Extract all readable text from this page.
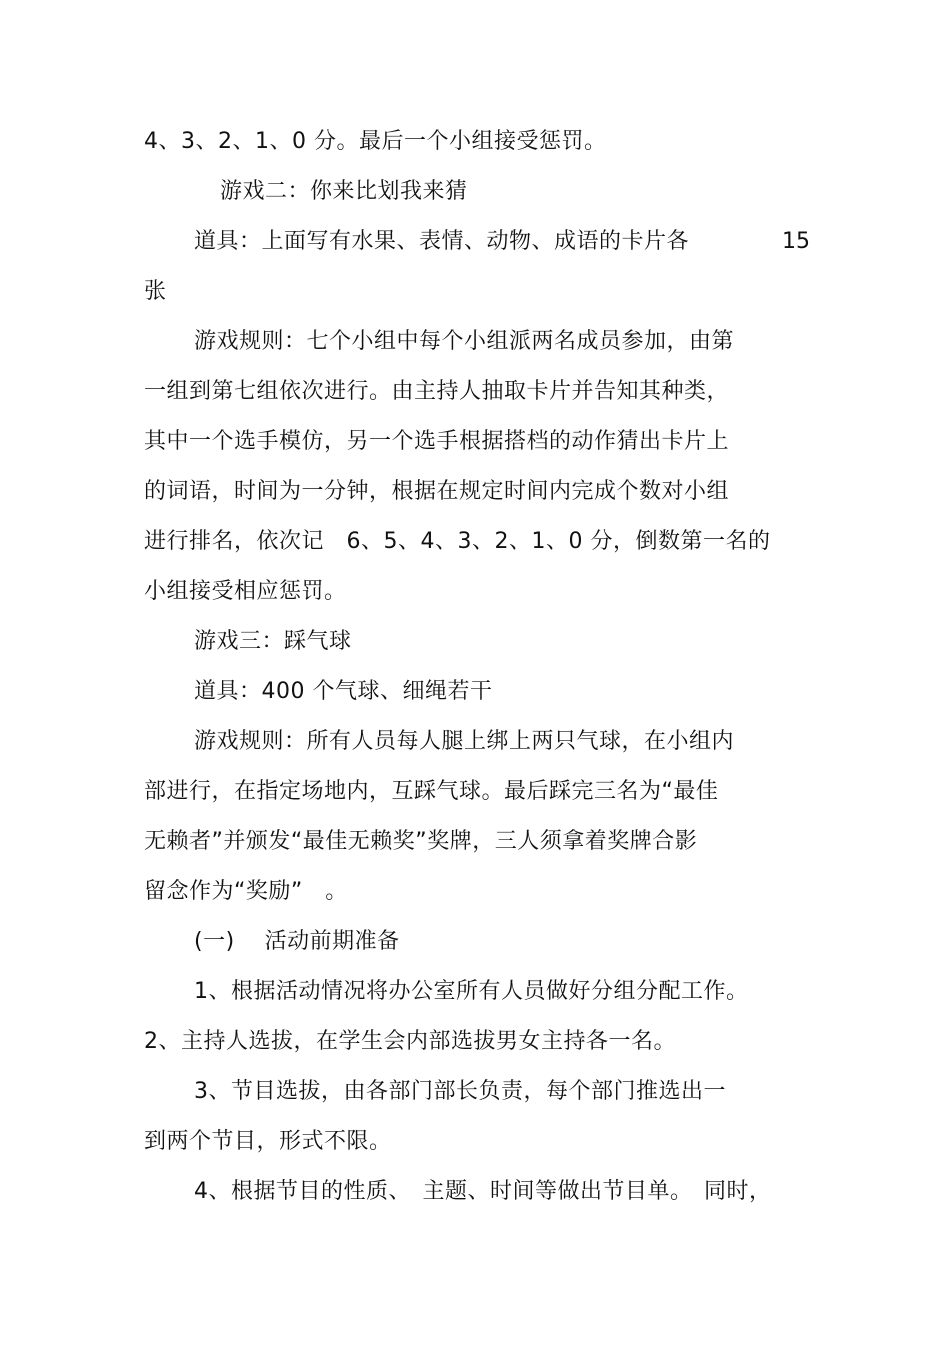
4、3、2、1、0 分。最后一个小组接受惩罚。
游戏二：你来比划我来猜
道具：上面写有水果、表情、动物、成语的卡片各	15
张
游戏规则：七个小组中每个小组派两名成员参加，由第
一组到第七组依次进行。由主持人抽取卡片并告知其种类，
其中一个选手模仿，另一个选手根据搭档的动作猜出卡片上
的词语，时间为一分钟，根据在规定时间内完成个数对小组
进行排名，依次记　6、5、4、3、2、1、0 分，倒数第一名的
小组接受相应惩罚。
游戏三：踩气球
道具：400 个气球、细绳若干
游戏规则：所有人员每人腿上绑上两只气球，在小组内
部进行，在指定场地内，互踩气球。最后踩完三名为“最佳
无赖者”并颁发“最佳无赖奖”奖牌，三人须拿着奖牌合影
留念作为“奖励”　。
(一)　 活动前期准备
1、根据活动情况将办公室所有人员做好分组分配工作。
2、主持人选拔，在学生会内部选拔男女主持各一名。
3、节目选拔，由各部门部长负责，每个部门推选出一
到两个节目，形式不限。
4、根据节目的性质、　主题、时间等做出节目单。　同时，
